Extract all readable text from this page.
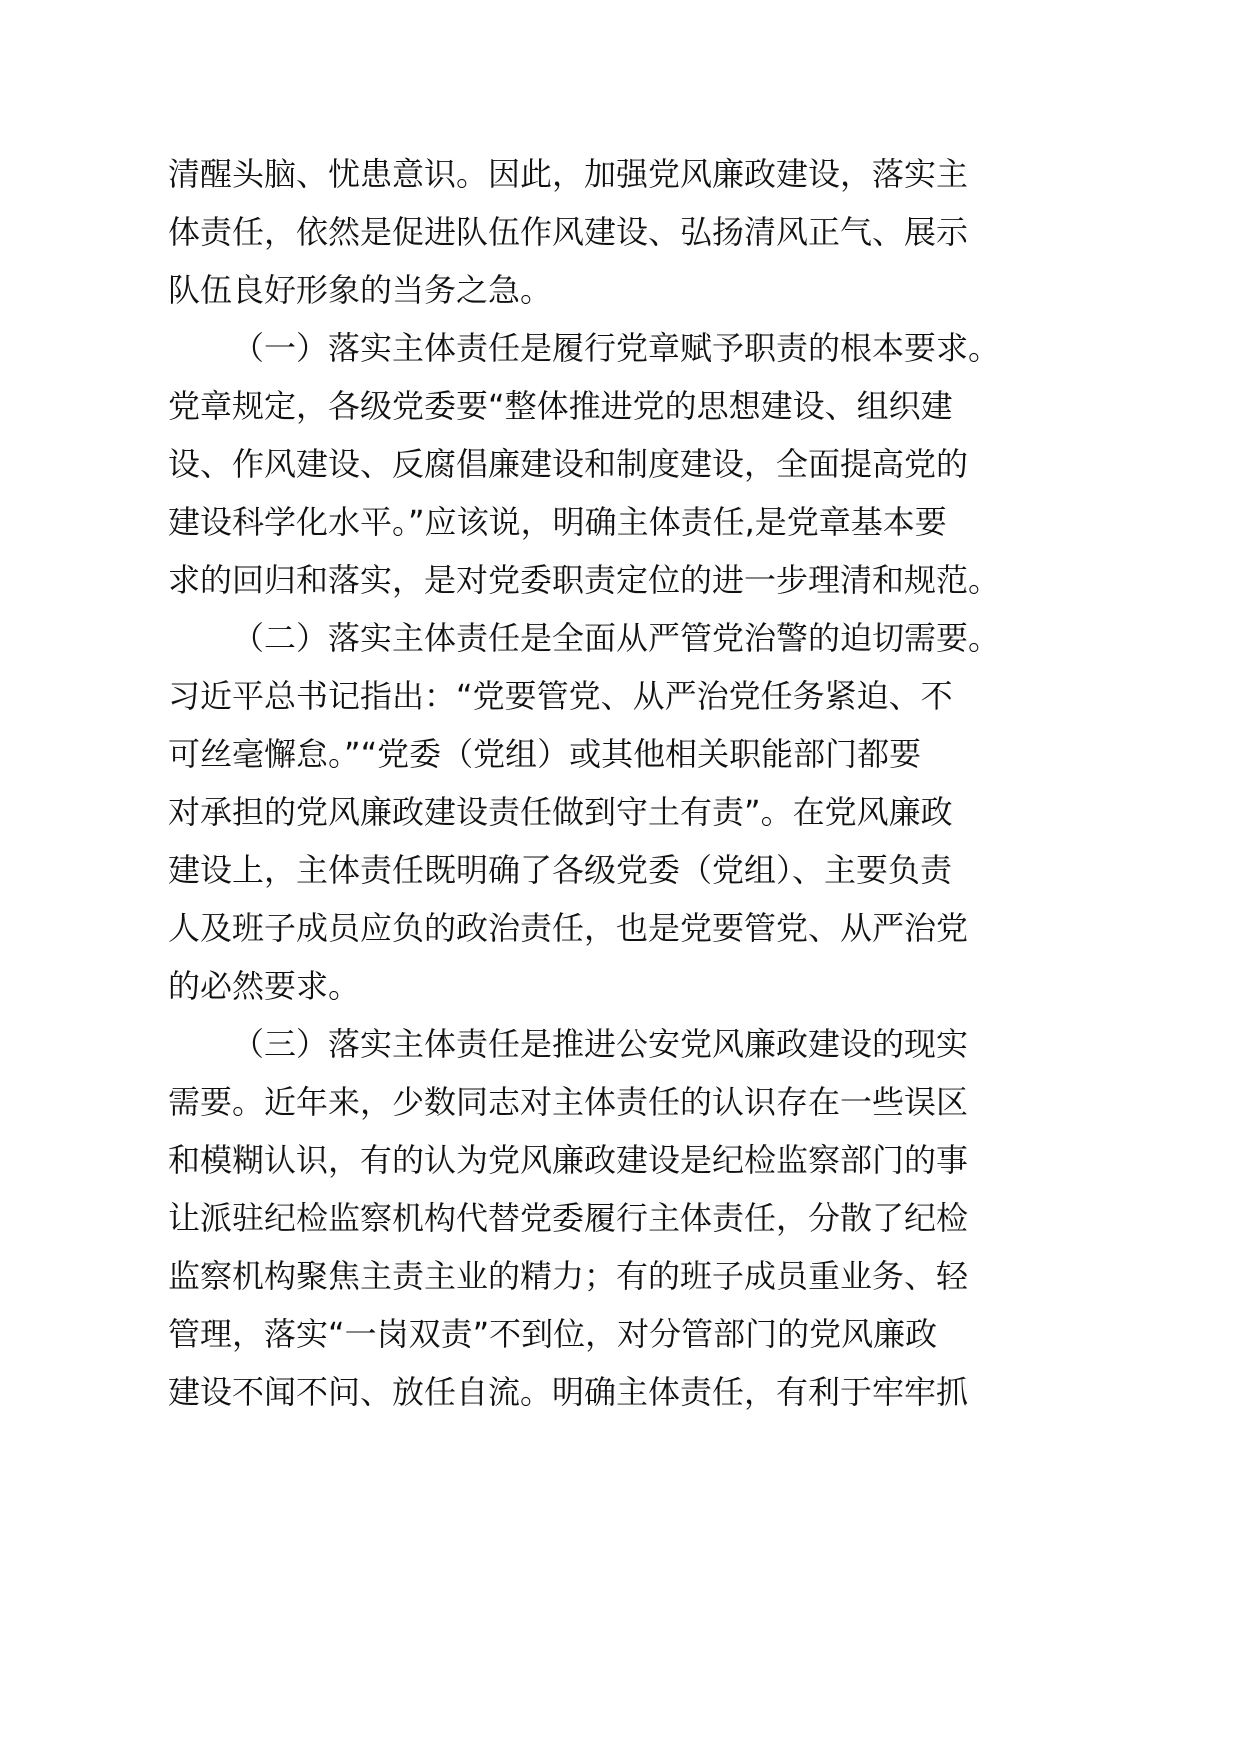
清醒头脑、忧患意识。因此，加强党风廉政建设，落实主
体责任，依然是促进队伍作风建设、弘扬清风正气、展示
队伍良好形象的当务之急。
（一）落实主体责任是履行党章赋予职责的根本要求。
党章规定，各级党委要“整体推进党的思想建设、组织建
设、作风建设、反腐倡廉建设和制度建设，全面提高党的
建设科学化水平。”应该说，明确主体责任,是党章基本要
求的回归和落实，是对党委职责定位的进一步理清和规范。
（二）落实主体责任是全面从严管党治警的迫切需要。
习近平总书记指出：“党要管党、从严治党任务紧迫、不
可丝毫懈怠。”“党委（党组）或其他相关职能部门都要
对承担的党风廉政建设责任做到守土有责”。在党风廉政
建设上，主体责任既明确了各级党委（党组）、主要负责
人及班子成员应负的政治责任，也是党要管党、从严治党
的必然要求。
（三）落实主体责任是推进公安党风廉政建设的现实
需要。近年来，少数同志对主体责任的认识存在一些误区
和模糊认识，有的认为党风廉政建设是纪检监察部门的事
让派驻纪检监察机构代替党委履行主体责任，分散了纪检
监察机构聚焦主责主业的精力；有的班子成员重业务、轻
管理，落实“一岗双责”不到位，对分管部门的党风廉政
建设不闻不问、放任自流。明确主体责任，有利于牢牢抓
